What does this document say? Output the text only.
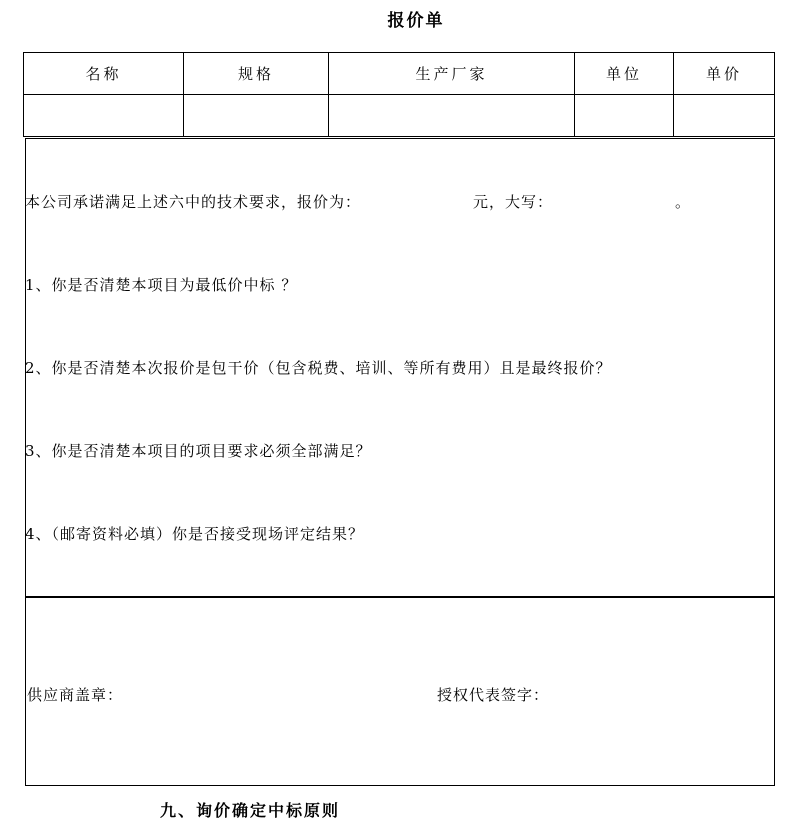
报价单
名称	规格	生产厂家	单位	单价

本公司承诺满足上述六中的技术要求，报价为：	元，大写：	。
1、你是否清楚本项目为最低价中标 ？
2、你是否清楚本次报价是包干价（包含税费、培训、等所有费用）且是最终报价？
3、你是否清楚本项目的项目要求必须全部满足？
4、（邮寄资料必填）你是否接受现场评定结果？
供应商盖章：	授权代表签字：
九、询价确定中标原则
